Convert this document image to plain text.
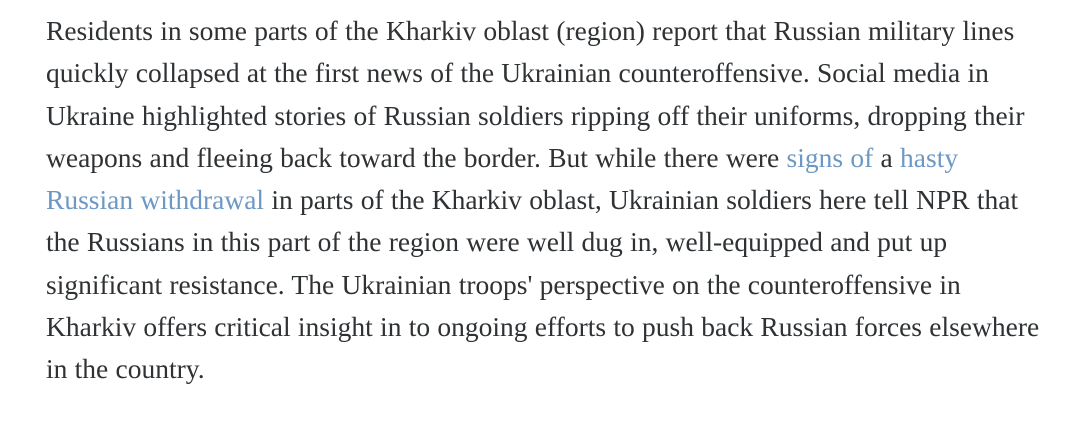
Residents in some parts of the Kharkiv oblast (region) report that Russian military lines quickly collapsed at the first news of the Ukrainian counteroffensive. Social media in Ukraine highlighted stories of Russian soldiers ripping off their uniforms, dropping their weapons and fleeing back toward the border. But while there were signs of a hasty Russian withdrawal in parts of the Kharkiv oblast, Ukrainian soldiers here tell NPR that the Russians in this part of the region were well dug in, well-equipped and put up significant resistance. The Ukrainian troops' perspective on the counteroffensive in Kharkiv offers critical insight in to ongoing efforts to push back Russian forces elsewhere in the country.
